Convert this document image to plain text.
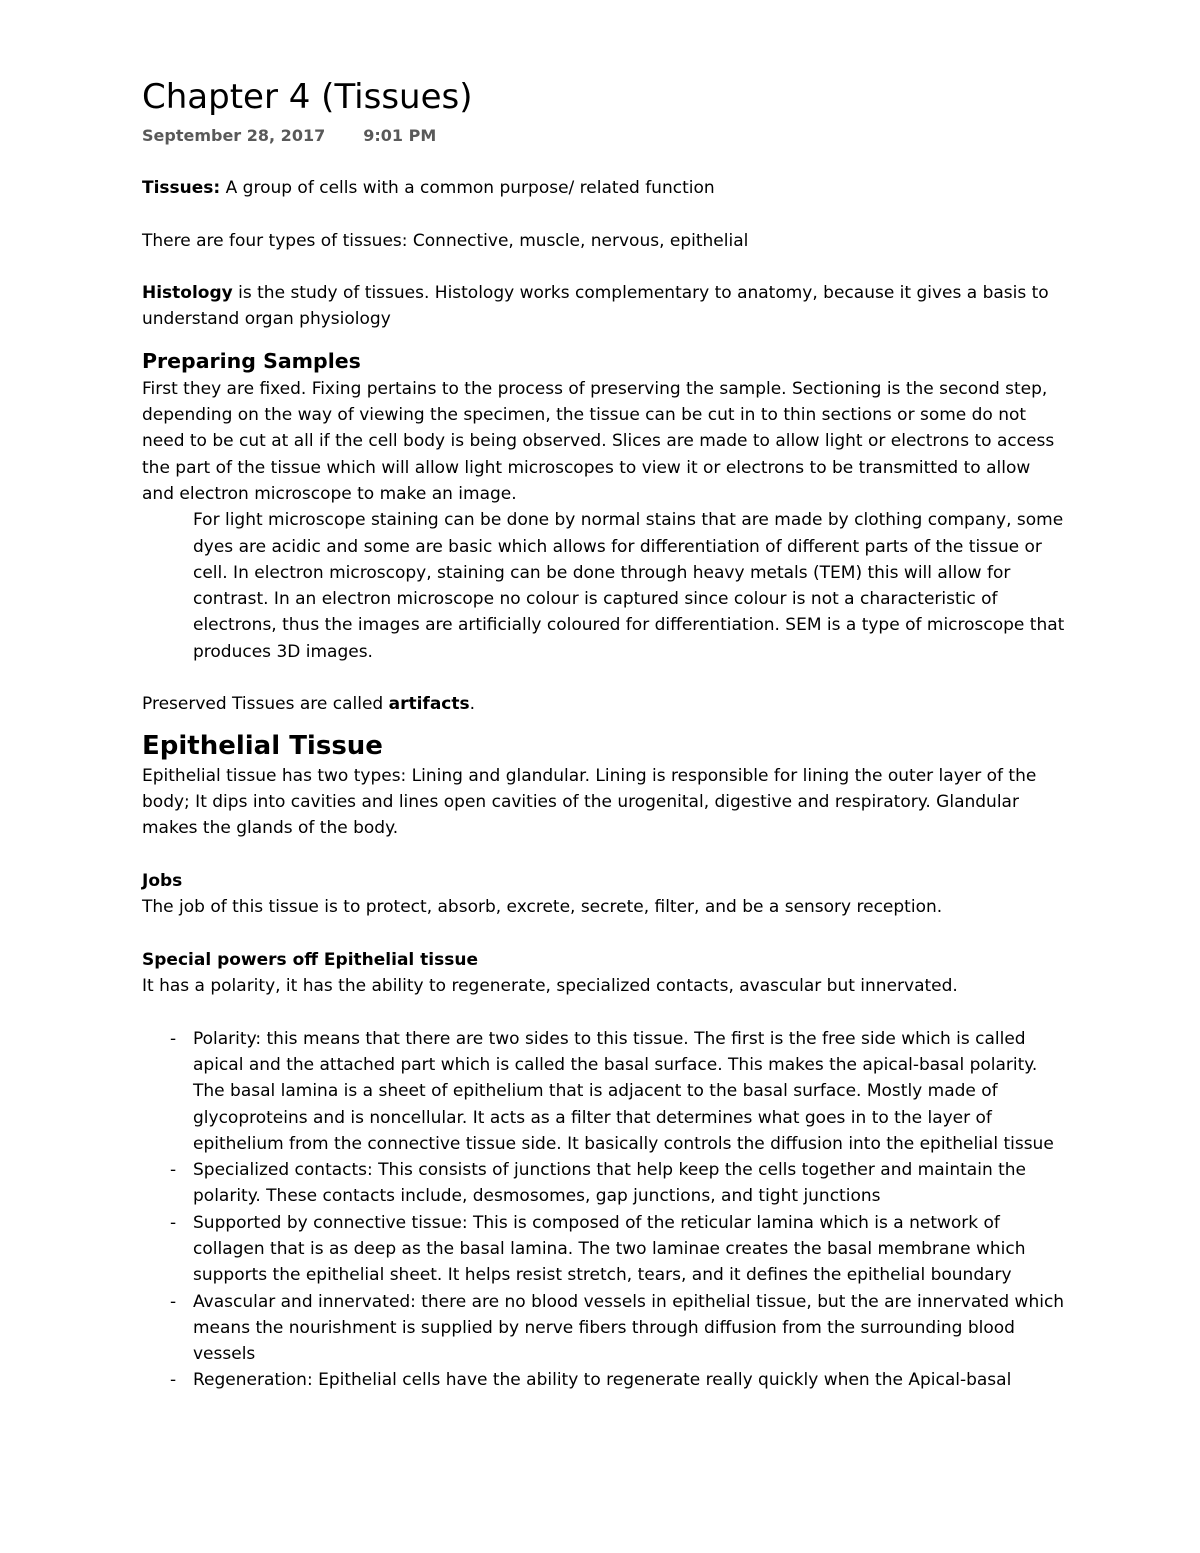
Chapter 4 (Tissues)
September 28, 2017 9:01 PM

Tissues: A group of cells with a common purpose/ related function

There are four types of tissues: Connective, muscle, nervous, epithelial

Histology is the study of tissues. Histology works complementary to anatomy, because it gives a basis to understand organ physiology

Preparing Samples

First they are fixed. Fixing pertains to the process of preserving the sample. Sectioning is the second step, depending on the way of viewing the specimen, the tissue can be cut in to thin sections or some do not need to be cut at all if the cell body is being observed. Slices are made to allow light or electrons to access the part of the tissue which will allow light microscopes to view it or electrons to be transmitted to allow and electron microscope to make an image.

For light microscope staining can be done by normal stains that are made by clothing company, some dyes are acidic and some are basic which allows for differentiation of different parts of the tissue or cell. In electron microscopy, staining can be done through heavy metals (TEM) this will allow for contrast. In an electron microscope no colour is captured since colour is not a characteristic of electrons, thus the images are artificially coloured for differentiation. SEM is a type of microscope that produces 3D images.

Preserved Tissues are called artifacts.

Epithelial Tissue

Epithelial tissue has two types: Lining and glandular. Lining is responsible for lining the outer layer of the body; It dips into cavities and lines open cavities of the urogenital, digestive and respiratory. Glandular makes the glands of the body.

Jobs

The job of this tissue is to protect, absorb, excrete, secrete, filter, and be a sensory reception.

Special powers off Epithelial tissue

It has a polarity, it has the ability to regenerate, specialized contacts, avascular but innervated.

- Polarity: this means that there are two sides to this tissue. The first is the free side which is called apical and the attached part which is called the basal surface. This makes the apical-basal polarity. The basal lamina is a sheet of epithelium that is adjacent to the basal surface. Mostly made of glycoproteins and is noncellular. It acts as a filter that determines what goes in to the layer of epithelium from the connective tissue side. It basically controls the diffusion into the epithelial tissue
- Specialized contacts: This consists of junctions that help keep the cells together and maintain the polarity. These contacts include, desmosomes, gap junctions, and tight junctions
- Supported by connective tissue: This is composed of the reticular lamina which is a network of collagen that is as deep as the basal lamina. The two laminae creates the basal membrane which supports the epithelial sheet. It helps resist stretch, tears, and it defines the epithelial boundary
- Avascular and innervated: there are no blood vessels in epithelial tissue, but the are innervated which means the nourishment is supplied by nerve fibers through diffusion from the surrounding blood vessels
- Regeneration: Epithelial cells have the ability to regenerate really quickly when the Apical-basal
